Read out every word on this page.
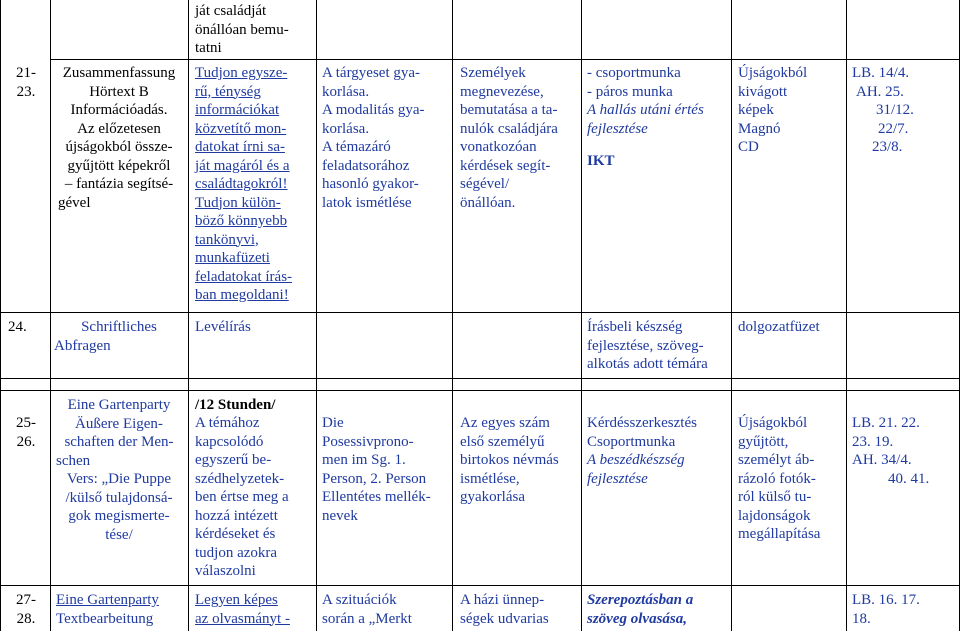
21-
23.
Zusammenfassung
Hörtext B
Információadás.
Az előzetesen
újságokból össze-
gyűjtött képekről
– fantázia segítsé-
gével
ját családját
önállóan bemu-
tatni
Tudjon egysze-
rű, ténység
információkat
közvetítő mon-
datokat írni sa-
ját magáról és a
családtagokról!
Tudjon külön-
böző könnyebb
tankönyvi,
munkafüzeti
feladatokat írás-
ban megoldani!
A tárgyeset gya-
korlása.
A modalitás gya-
korlása.
A témazáró
feladatsorához
hasonló gyakor-
latok ismétlése
Személyek
megnevezése,
bemutatása a ta-
nulók családjára
vonatkozóan
kérdések segít-
ségével/
önállóan.
- csoportmunka
- páros munka
A hallás utáni értés
fejlesztése
IKT
Újságokból
kivágott
képek
Magnó
CD
LB. 14/4.
AH. 25.
31/12.
22/7.
23/8.
24.	Schriftliches
Abfragen
Levélírás	Írásbeli készség
fejlesztése, szöveg-
alkotás adott témára
dolgozatfüzet
25-
26.
Eine Gartenparty
Äußere Eigen-
schaften der Men-
schen
Vers: „Die Puppe
/külső tulajdonsá-
gok megismerte-
tése/
/12 Stunden/
A témához
kapcsolódó
egyszerű be-
szédhelyzetek-
ben értse meg a
hozzá intézett
kérdéseket és
tudjon azokra
válaszolni
Die
Posessivprono-
men im Sg. 1.
Person, 2. Person
Ellentétes mellék-
nevek
Az egyes szám
első személyű
birtokos névmás
ismétlése,
gyakorlása
Kérdésszerkesztés
Csoportmunka
A beszédkészség
fejlesztése
Újságokból
gyűjtött,
személyt áb-
rázoló fotók-
ról külső tu-
lajdonságok
megállapítása
LB. 21. 22.
23. 19.
AH. 34/4.
40. 41.
27-
28.
Eine Gartenparty
Textbearbeitung
Legyen képes
az olvasmányt -
A szituációk
során a „Merkt
A házi ünnep-
ségek udvarias
Szerepoztásban a
szöveg olvasása,
LB. 16. 17.
18.
